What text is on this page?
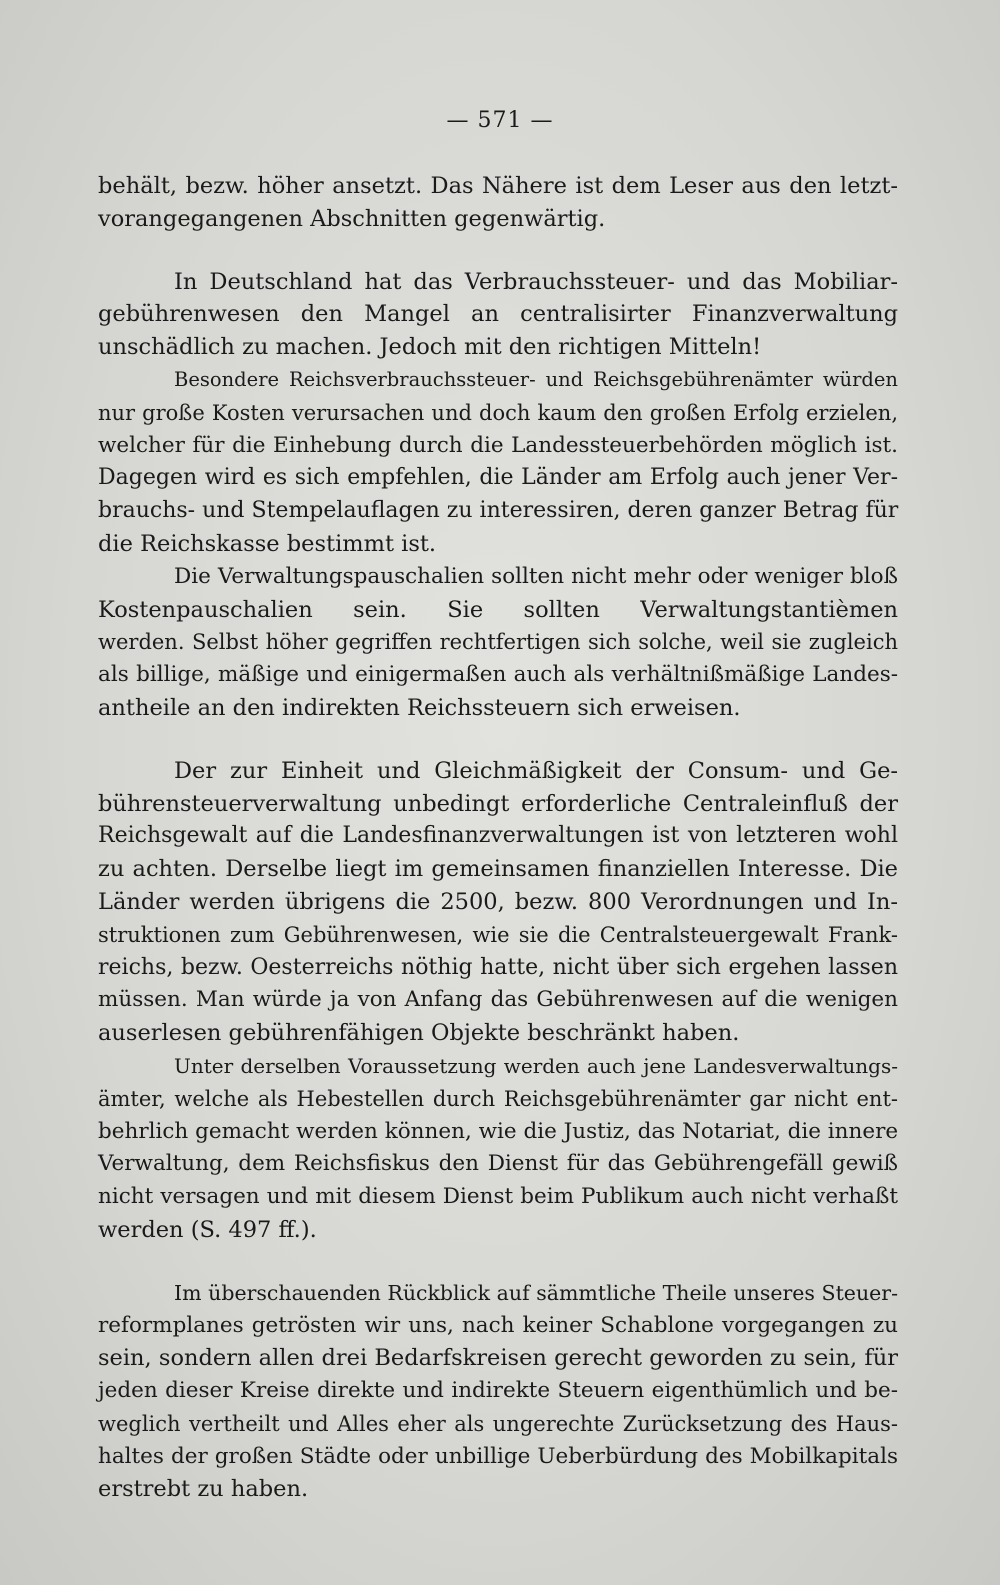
— 571 —
behält, bezw. höher ansetzt. Das Nähere ist dem Leser aus den letzt-
vorangegangenen Abschnitten gegenwärtig.
In Deutschland hat das Verbrauchssteuer- und das Mobiliar-
gebührenwesen den Mangel an centralisirter Finanzverwaltung
unschädlich zu machen. Jedoch mit den richtigen Mitteln!
Besondere Reichsverbrauchssteuer- und Reichsgebührenämter würden
nur große Kosten verursachen und doch kaum den großen Erfolg erzielen,
welcher für die Einhebung durch die Landessteuerbehörden möglich ist.
Dagegen wird es sich empfehlen, die Länder am Erfolg auch jener Ver-
brauchs- und Stempelauflagen zu interessiren, deren ganzer Betrag für
die Reichskasse bestimmt ist.
Die Verwaltungspauschalien sollten nicht mehr oder weniger bloß
Kostenpauschalien sein. Sie sollten Verwaltungstantièmen
werden. Selbst höher gegriffen rechtfertigen sich solche, weil sie zugleich
als billige, mäßige und einigermaßen auch als verhältnißmäßige Landes-
antheile an den indirekten Reichssteuern sich erweisen.
Der zur Einheit und Gleichmäßigkeit der Consum- und Ge-
bührensteuerverwaltung unbedingt erforderliche Centraleinfluß der
Reichsgewalt auf die Landesfinanzverwaltungen ist von letzteren wohl
zu achten. Derselbe liegt im gemeinsamen finanziellen Interesse. Die
Länder werden übrigens die 2500, bezw. 800 Verordnungen und In-
struktionen zum Gebührenwesen, wie sie die Centralsteuergewalt Frank-
reichs, bezw. Oesterreichs nöthig hatte, nicht über sich ergehen lassen
müssen. Man würde ja von Anfang das Gebührenwesen auf die wenigen
auserlesen gebührenfähigen Objekte beschränkt haben.
Unter derselben Voraussetzung werden auch jene Landesverwaltungs-
ämter, welche als Hebestellen durch Reichsgebührenämter gar nicht ent-
behrlich gemacht werden können, wie die Justiz, das Notariat, die innere
Verwaltung, dem Reichsfiskus den Dienst für das Gebührengefäll gewiß
nicht versagen und mit diesem Dienst beim Publikum auch nicht verhaßt
werden (S. 497 ff.).
Im überschauenden Rückblick auf sämmtliche Theile unseres Steuer-
reformplanes getrösten wir uns, nach keiner Schablone vorgegangen zu
sein, sondern allen drei Bedarfskreisen gerecht geworden zu sein, für
jeden dieser Kreise direkte und indirekte Steuern eigenthümlich und be-
weglich vertheilt und Alles eher als ungerechte Zurücksetzung des Haus-
haltes der großen Städte oder unbillige Ueberbürdung des Mobilkapitals
erstrebt zu haben.
